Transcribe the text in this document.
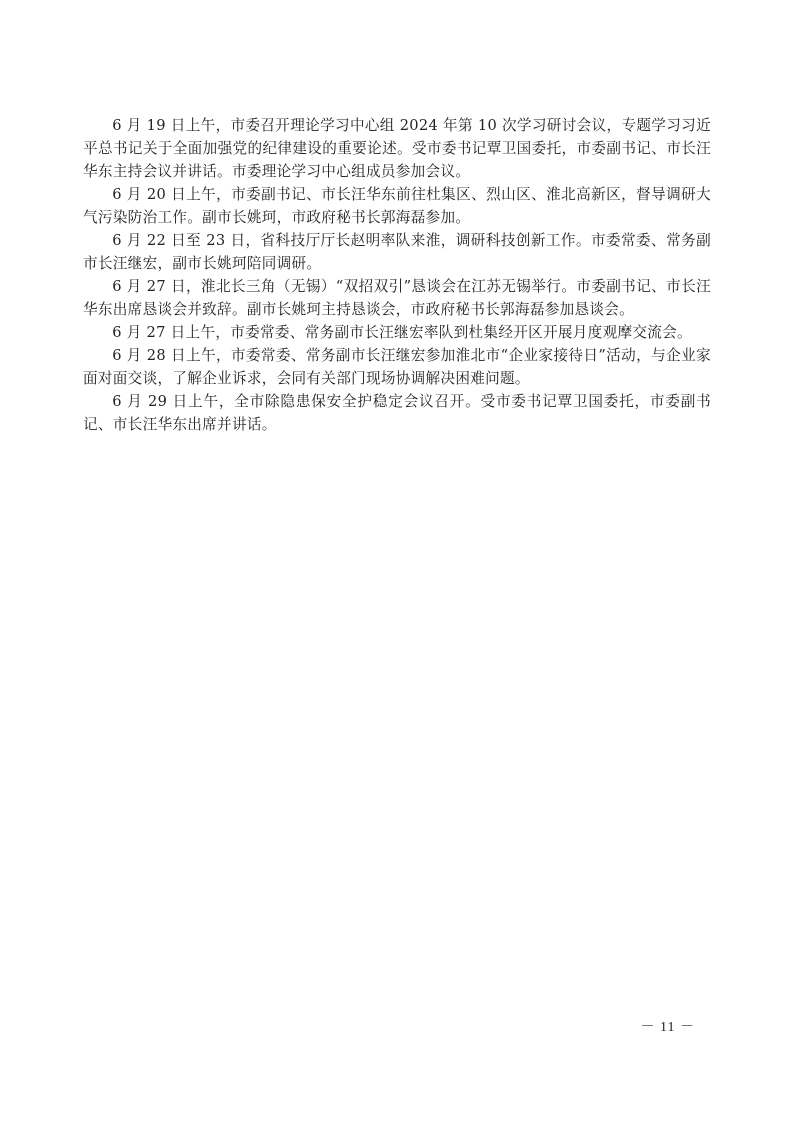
6 月 19 日上午，市委召开理论学习中心组 2024 年第 10 次学习研讨会议，专题学习习近平总书记关于全面加强党的纪律建设的重要论述。受市委书记覃卫国委托，市委副书记、市长汪华东主持会议并讲话。市委理论学习中心组成员参加会议。

6 月 20 日上午，市委副书记、市长汪华东前往杜集区、烈山区、淮北高新区，督导调研大气污染防治工作。副市长姚珂，市政府秘书长郭海磊参加。

6 月 22 日至 23 日，省科技厅厅长赵明率队来淮，调研科技创新工作。市委常委、常务副市长汪继宏，副市长姚珂陪同调研。

6 月 27 日，淮北长三角（无锡）“双招双引”恳谈会在江苏无锡举行。市委副书记、市长汪华东出席恳谈会并致辞。副市长姚珂主持恳谈会，市政府秘书长郭海磊参加恳谈会。

6 月 27 日上午，市委常委、常务副市长汪继宏率队到杜集经开区开展月度观摩交流会。

6 月 28 日上午，市委常委、常务副市长汪继宏参加淮北市“企业家接待日”活动，与企业家面对面交谈，了解企业诉求，会同有关部门现场协调解决困难问题。

6 月 29 日上午，全市除隐患保安全护稳定会议召开。受市委书记覃卫国委托，市委副书记、市长汪华东出席并讲话。

－ 11 －
